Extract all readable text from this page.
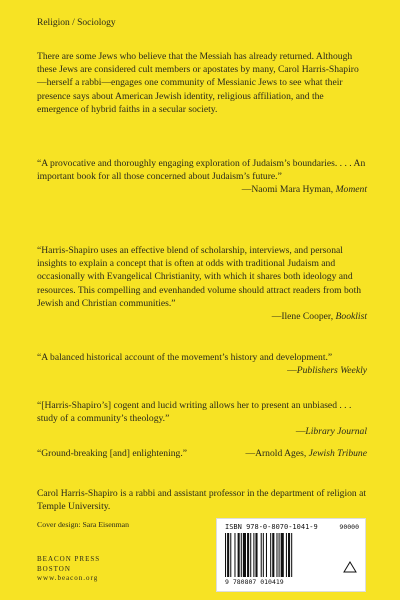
Religion / Sociology
There are some Jews who believe that the Messiah has already returned. Although these Jews are considered cult members or apostates by many, Carol Harris-Shapiro—herself a rabbi—engages one community of Messianic Jews to see what their presence says about American Jewish identity, religious affiliation, and the emergence of hybrid faiths in a secular society.
“A provocative and thoroughly engaging exploration of Judaism’s boundaries. . . . An important book for all those concerned about Judaism’s future.”
—Naomi Mara Hyman, Moment
“Harris-Shapiro uses an effective blend of scholarship, interviews, and personal insights to explain a concept that is often at odds with traditional Judaism and occasionally with Evangelical Christianity, with which it shares both ideology and resources. This compelling and evenhanded volume should attract readers from both Jewish and Christian communities.”
—Ilene Cooper, Booklist
“A balanced historical account of the movement’s history and development.”
—Publishers Weekly
“[Harris-Shapiro’s] cogent and lucid writing allows her to present an unbiased . . . study of a community’s theology.”
—Library Journal
“Ground-breaking [and] enlightening.”	—Arnold Ages, Jewish Tribune
Carol Harris-Shapiro is a rabbi and assistant professor in the department of religion at Temple University.
Cover design: Sara Eisenman
BEACON PRESS
BOSTON
www.beacon.org
ISBN 978-0-8070-1041-9	90000
9 780807 010419
